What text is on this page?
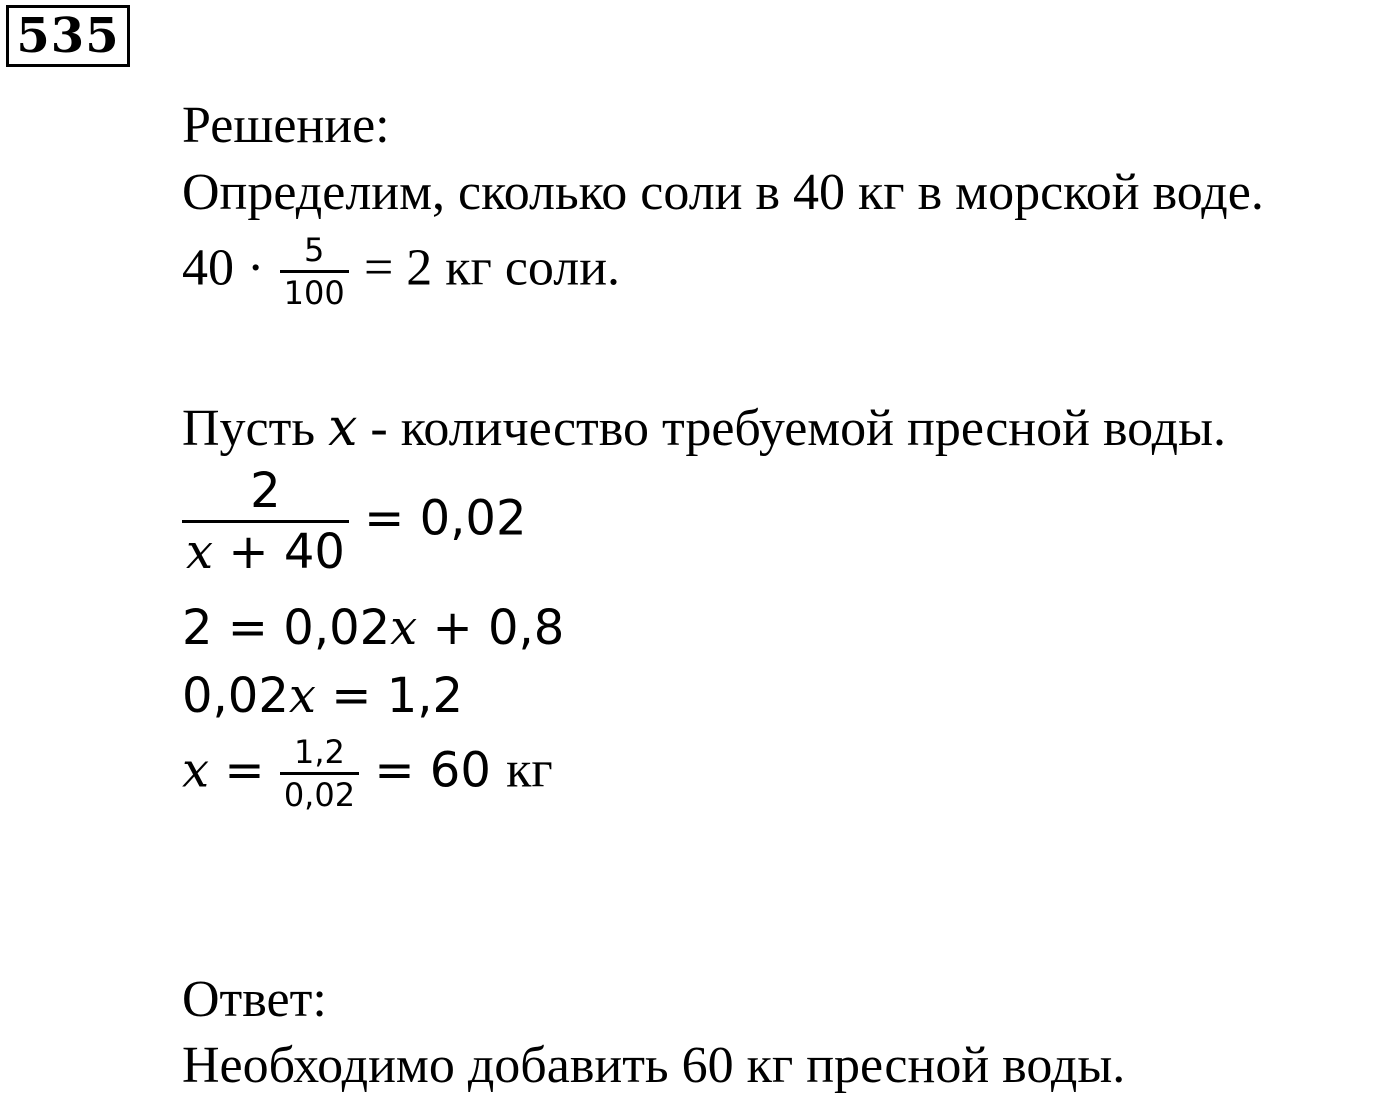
535
Решение:
Определим, сколько соли в 40 кг в морской воде.
$40 \cdot \frac{5}{100} = 2$ кг соли.
Пусть x - количество требуемой пресной воды.
$\frac{2}{x + 40} = 0,02$
2 = 0,02x + 0,8
0,02x = 1,2
$x = \frac{1,2}{0,02} = 60$ кг
Ответ:
Необходимо добавить 60 кг пресной воды.
